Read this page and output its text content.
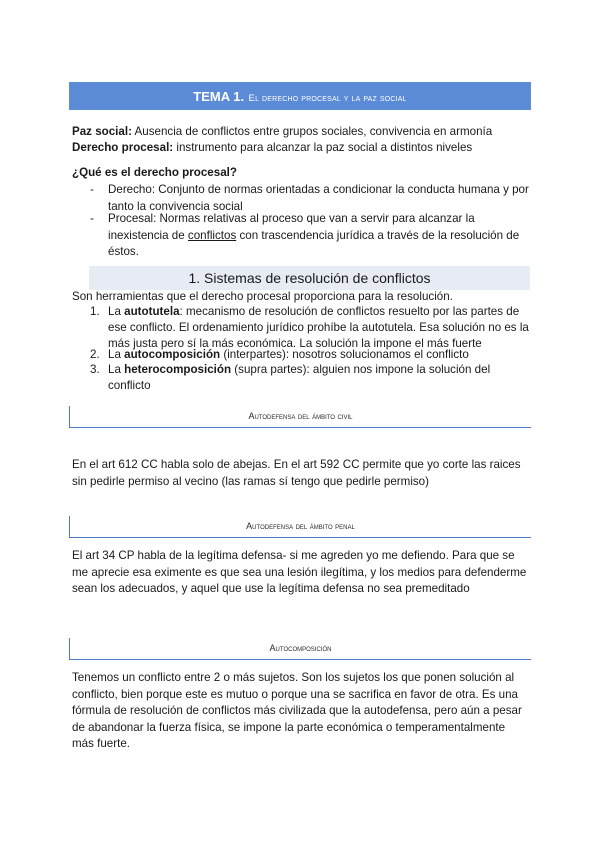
TEMA 1. El derecho procesal y la paz social
Paz social: Ausencia de conflictos entre grupos sociales, convivencia en armonía
Derecho procesal: instrumento para alcanzar la paz social a distintos niveles
¿Qué es el derecho procesal?
- Derecho: Conjunto de normas orientadas a condicionar la conducta humana y por tanto la convivencia social
- Procesal: Normas relativas al proceso que van a servir para alcanzar la inexistencia de conflictos con trascendencia jurídica a través de la resolución de éstos.
1. Sistemas de resolución de conflictos
Son herramientas que el derecho procesal proporciona para la resolución.
1. La autotutela: mecanismo de resolución de conflictos resuelto por las partes de ese conflicto. El ordenamiento jurídico prohíbe la autotutela. Esa solución no es la más justa pero sí la más económica. La solución la impone el más fuerte
2. La autocomposición (interpartes): nosotros solucionamos el conflicto
3. La heterocomposición (supra partes): alguien nos impone la solución del conflicto
Autodefensa del ámbito civil
En el art 612 CC habla solo de abejas. En el art 592 CC permite que yo corte las raices sin pedirle permiso al vecino (las ramas sí tengo que pedirle permiso)
Autodefensa del ámbito penal
El art 34 CP habla de la legítima defensa- si me agreden yo me defiendo. Para que se me aprecie esa eximente es que sea una lesión ilegítima, y los medios para defenderme sean los adecuados, y aquel que use la legítima defensa no sea premeditado
Autocomposición
Tenemos un conflicto entre 2 o más sujetos. Son los sujetos los que ponen solución al conflicto, bien porque este es mutuo o porque una se sacrifica en favor de otra. Es una fórmula de resolución de conflictos más civilizada que la autodefensa, pero aún a pesar de abandonar la fuerza física, se impone la parte económica o temperamentalmente más fuerte.
